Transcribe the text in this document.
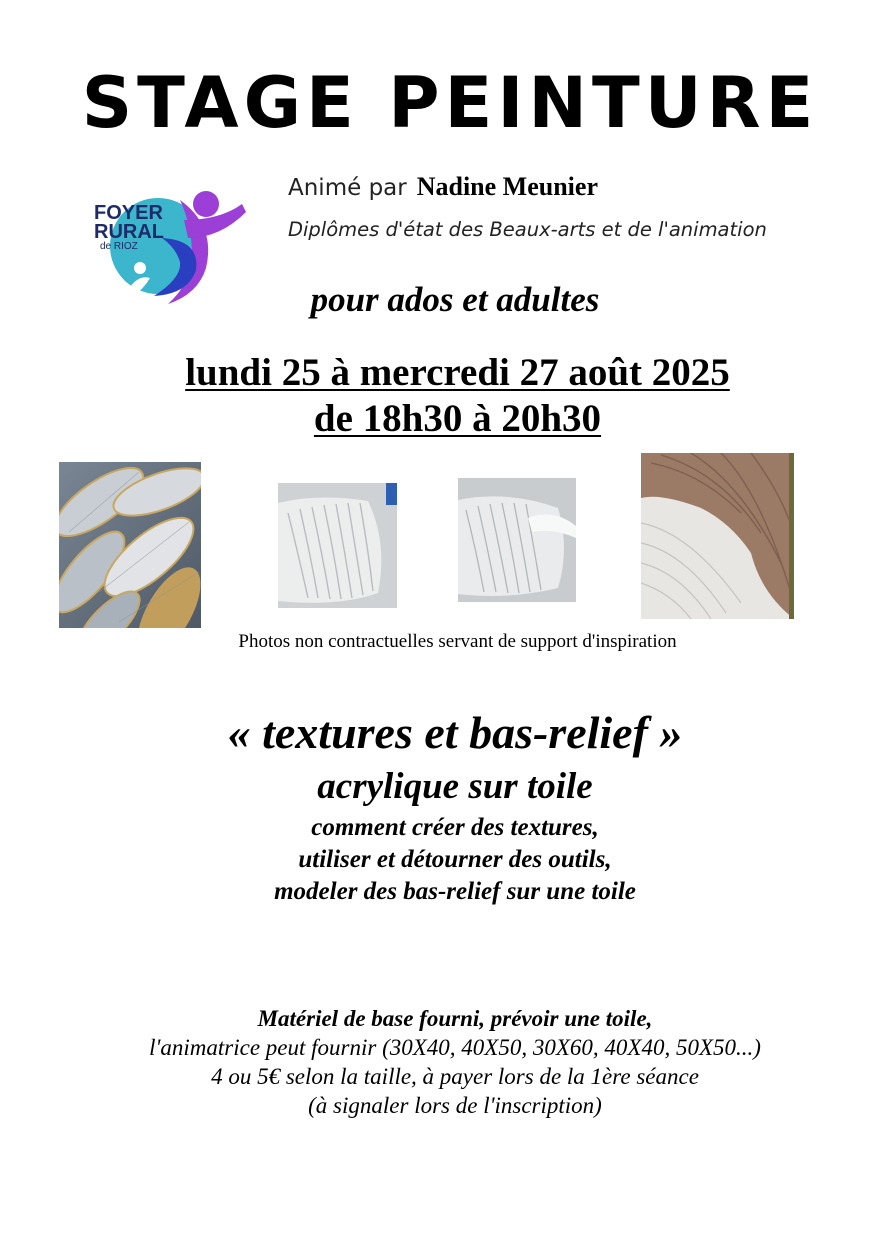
STAGE PEINTURE
FOYER
RURAL
de RIOZ
Animé par Nadine Meunier
Diplômes d'état des Beaux-arts et de l'animation
pour ados et adultes
lundi 25 à mercredi 27 août 2025
de 18h30 à 20h30
Photos non contractuelles servant de support d'inspiration
« textures et bas-relief »
acrylique sur toile
comment créer des textures,
utiliser et détourner des outils,
modeler des bas-relief sur une toile
Matériel de base fourni, prévoir une toile,
l'animatrice peut fournir (30X40, 40X50, 30X60, 40X40, 50X50...)
4 ou 5€ selon la taille, à payer lors de la 1ère séance
(à signaler lors de l'inscription)
